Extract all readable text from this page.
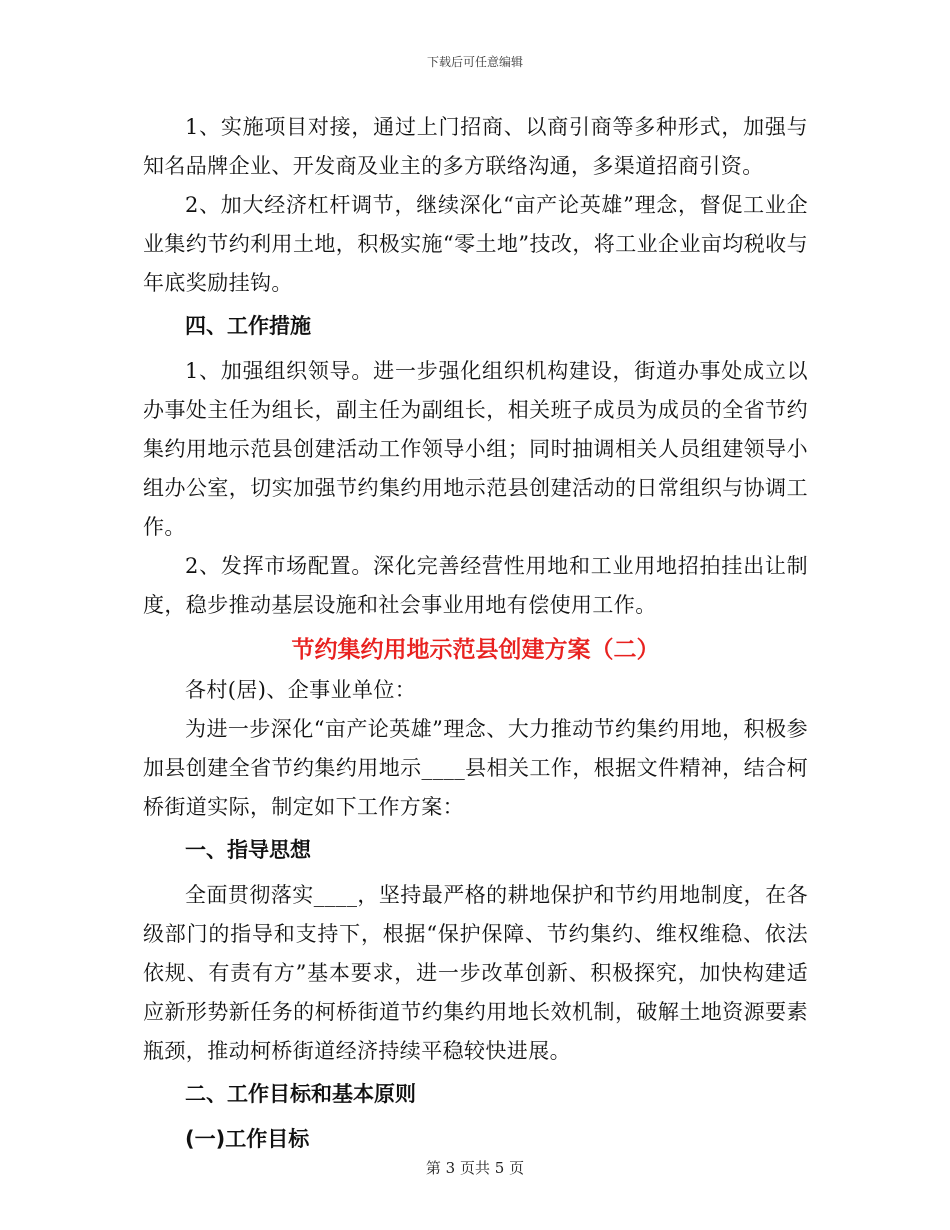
下载后可任意编辑

1、实施项目对接，通过上门招商、以商引商等多种形式，加强与知名品牌企业、开发商及业主的多方联络沟通，多渠道招商引资。

2、加大经济杠杆调节，继续深化“亩产论英雄”理念，督促工业企业集约节约利用土地，积极实施“零土地”技改，将工业企业亩均税收与年底奖励挂钩。

四、工作措施

1、加强组织领导。进一步强化组织机构建设，街道办事处成立以办事处主任为组长，副主任为副组长，相关班子成员为成员的全省节约集约用地示范县创建活动工作领导小组；同时抽调相关人员组建领导小组办公室，切实加强节约集约用地示范县创建活动的日常组织与协调工作。

2、发挥市场配置。深化完善经营性用地和工业用地招拍挂出让制度，稳步推动基层设施和社会事业用地有偿使用工作。

节约集约用地示范县创建方案（二）

各村(居)、企事业单位：

为进一步深化“亩产论英雄”理念、大力推动节约集约用地，积极参加县创建全省节约集约用地示____县相关工作，根据文件精神，结合柯桥街道实际，制定如下工作方案：

一、指导思想

全面贯彻落实____，坚持最严格的耕地保护和节约用地制度，在各级部门的指导和支持下，根据“保护保障、节约集约、维权维稳、依法依规、有责有方”基本要求，进一步改革创新、积极探究，加快构建适应新形势新任务的柯桥街道节约集约用地长效机制，破解土地资源要素瓶颈，推动柯桥街道经济持续平稳较快进展。

二、工作目标和基本原则

(一)工作目标

第 3 页共 5 页
